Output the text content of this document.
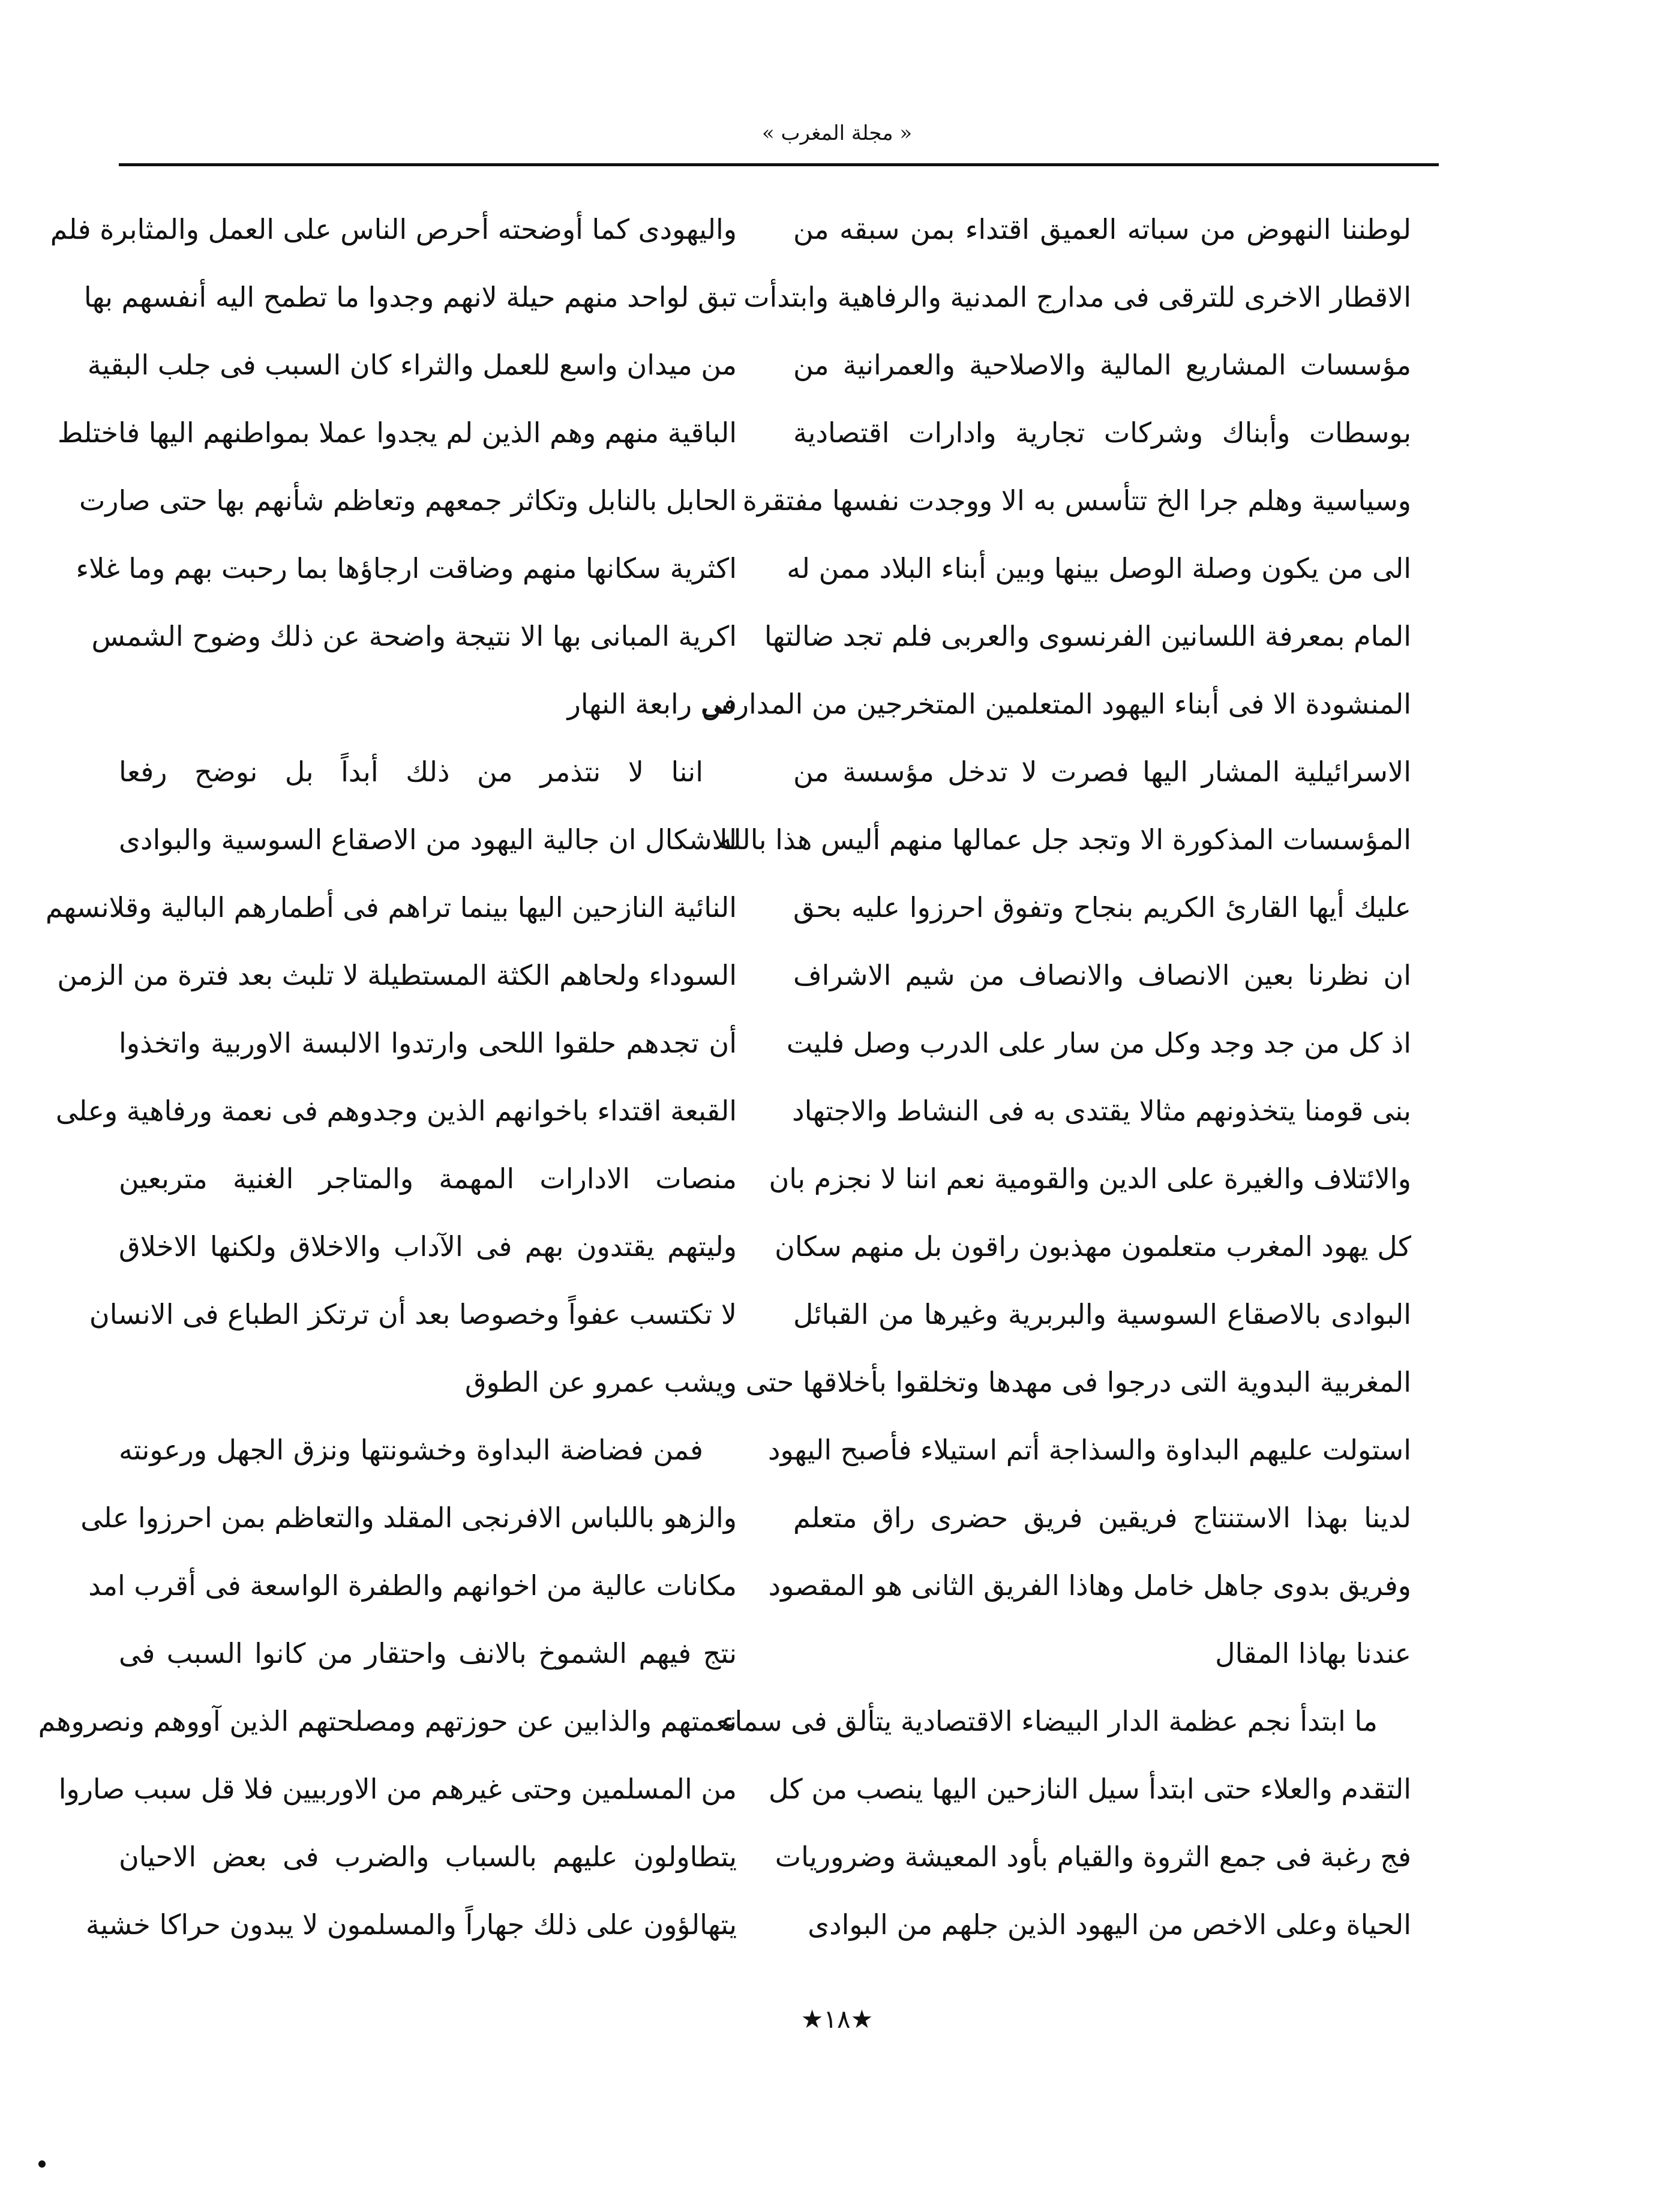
« مجلة المغرب »
لوطننا النهوض من سباته العميق اقتداء بمن سبقه من
الاقطار الاخرى للترقى فى مدارج المدنية والرفاهية وابتدأت
مؤسسات المشاريع المالية والاصلاحية والعمرانية من
بوسطات وأبناك وشركات تجارية وادارات اقتصادية
وسياسية وهلم جرا الخ تتأسس به الا ووجدت نفسها مفتقرة
الى من يكون وصلة الوصل بينها وبين أبناء البلاد ممن له
المام بمعرفة اللسانين الفرنسوى والعربى فلم تجد ضالتها
المنشودة الا فى أبناء اليهود المتعلمين المتخرجين من المدارس
الاسرائيلية المشار اليها فصرت لا تدخل مؤسسة من
المؤسسات المذكورة الا وتجد جل عمالها منهم أليس هذا بالله
عليك أيها القارئ الكريم بنجاح وتفوق احرزوا عليه بحق
ان نظرنا بعين الانصاف والانصاف من شيم الاشراف
اذ كل من جد وجد وكل من سار على الدرب وصل فليت
بنى قومنا يتخذونهم مثالا يقتدى به فى النشاط والاجتهاد
والائتلاف والغيرة على الدين والقومية نعم اننا لا نجزم بان
كل يهود المغرب متعلمون مهذبون راقون بل منهم سكان
البوادى بالاصقاع السوسية والبربرية وغيرها من القبائل
المغربية البدوية التى درجوا فى مهدها وتخلقوا بأخلاقها حتى
استولت عليهم البداوة والسذاجة أتم استيلاء فأصبح اليهود
لدينا بهذا الاستنتاج فريقين فريق حضرى راق متعلم
وفريق بدوى جاهل خامل وهاذا الفريق الثانى هو المقصود
عندنا بهاذا المقال
ما ابتدأ نجم عظمة الدار البيضاء الاقتصادية يتألق فى سماء
التقدم والعلاء حتى ابتدأ سيل النازحين اليها ينصب من كل
فج رغبة فى جمع الثروة والقيام بأود المعيشة وضروريات
الحياة وعلى الاخص من اليهود الذين جلهم من البوادى
واليهودى كما أوضحته أحرص الناس على العمل والمثابرة فلم
تبق لواحد منهم حيلة لانهم وجدوا ما تطمح اليه أنفسهم بها
من ميدان واسع للعمل والثراء كان السبب فى جلب البقية
الباقية منهم وهم الذين لم يجدوا عملا بمواطنهم اليها فاختلط
الحابل بالنابل وتكاثر جمعهم وتعاظم شأنهم بها حتى صارت
اكثرية سكانها منهم وضاقت ارجاؤها بما رحبت بهم وما غلاء
اكرية المبانى بها الا نتيجة واضحة عن ذلك وضوح الشمس
فى رابعة النهار
اننا لا نتذمر من ذلك أبداً بل نوضح رفعا
للاشكال ان جالية اليهود من الاصقاع السوسية والبوادى
النائية النازحين اليها بينما تراهم فى أطمارهم البالية وقلانسهم
السوداء ولحاهم الكثة المستطيلة لا تلبث بعد فترة من الزمن
أن تجدهم حلقوا اللحى وارتدوا الالبسة الاوربية واتخذوا
القبعة اقتداء باخوانهم الذين وجدوهم فى نعمة ورفاهية وعلى
منصات الادارات المهمة والمتاجر الغنية متربعين
وليتهم يقتدون بهم فى الآداب والاخلاق ولكنها الاخلاق
لا تكتسب عفواً وخصوصا بعد أن ترتكز الطباع فى الانسان
ويشب عمرو عن الطوق
فمن فضاضة البداوة وخشونتها ونزق الجهل ورعونته
والزهو باللباس الافرنجى المقلد والتعاظم بمن احرزوا على
مكانات عالية من اخوانهم والطفرة الواسعة فى أقرب امد
نتج فيهم الشموخ بالانف واحتقار من كانوا السبب فى
نعمتهم والذابين عن حوزتهم ومصلحتهم الذين آووهم ونصروهم
من المسلمين وحتى غيرهم من الاوربيين فلا قل سبب صاروا
يتطاولون عليهم بالسباب والضرب فى بعض الاحيان
يتهالؤون على ذلك جهاراً والمسلمون لا يبدون حراكا خشية
★١٨★
